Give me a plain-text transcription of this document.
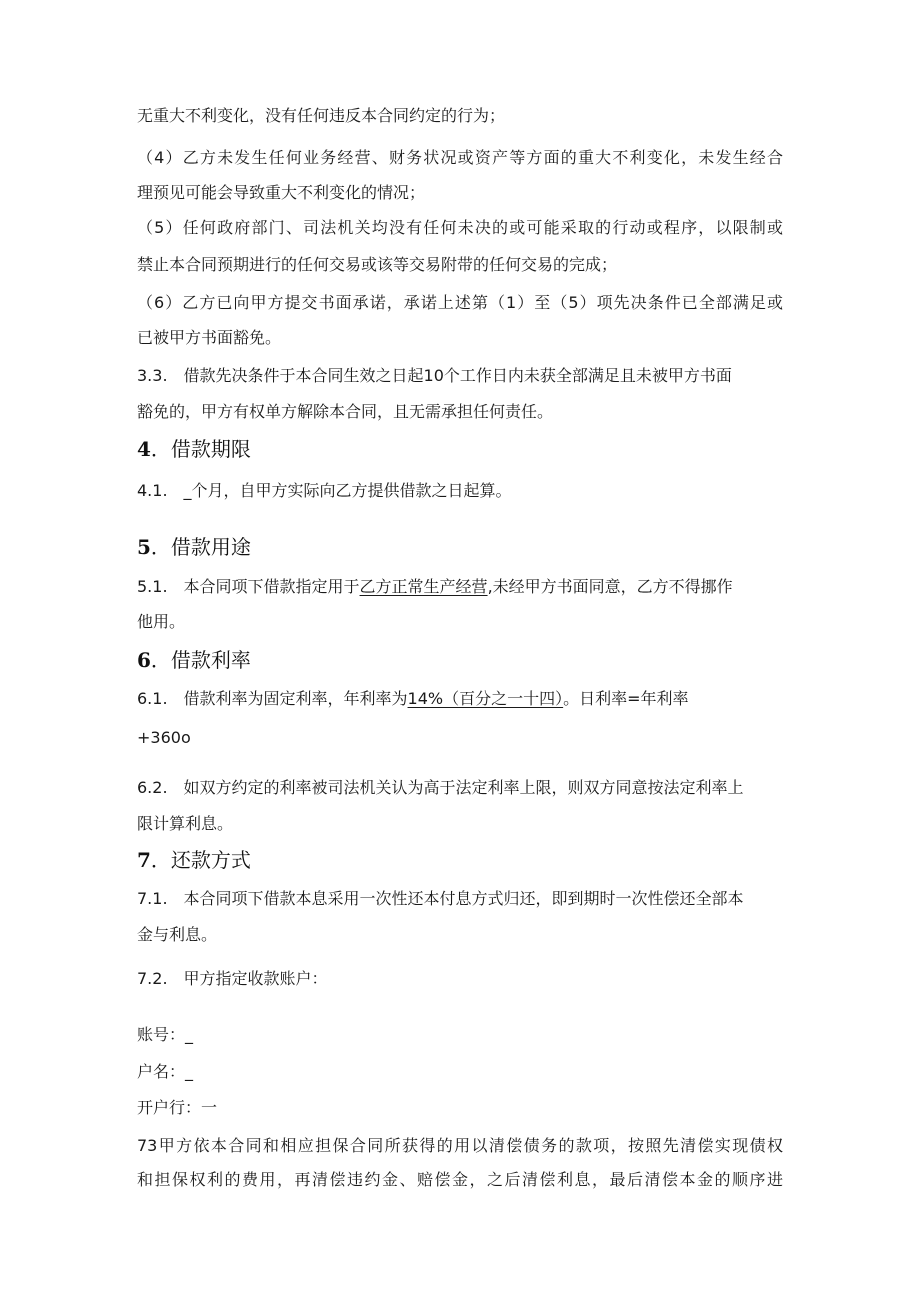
无重大不利变化，没有任何违反本合同约定的行为；
（4）乙方未发生任何业务经营、财务状况或资产等方面的重大不利变化，未发生经合
理预见可能会导致重大不利变化的情况；
（5）任何政府部门、司法机关均没有任何未决的或可能采取的行动或程序，以限制或
禁止本合同预期进行的任何交易或该等交易附带的任何交易的完成；
（6）乙方已向甲方提交书面承诺，承诺上述第（1）至（5）项先决条件已全部满足或
已被甲方书面豁免。
3.3. 借款先决条件于本合同生效之日起10个工作日内未获全部满足且未被甲方书面
豁免的，甲方有权单方解除本合同，且无需承担任何责任。
4．借款期限
4.1. _个月，自甲方实际向乙方提供借款之日起算。
5．借款用途
5.1. 本合同项下借款指定用于乙方正常生产经营,未经甲方书面同意，乙方不得挪作
他用。
6．借款利率
6.1. 借款利率为固定利率，年利率为14%（百分之一十四）。日利率=年利率
+360o
6.2. 如双方约定的利率被司法机关认为高于法定利率上限，则双方同意按法定利率上
限计算利息。
7．还款方式
7.1. 本合同项下借款本息采用一次性还本付息方式归还，即到期时一次性偿还全部本
金与利息。
7.2. 甲方指定收款账户：
账号：_
户名：_
开户行：一
73甲方依本合同和相应担保合同所获得的用以清偿债务的款项，按照先清偿实现债权
和担保权利的费用，再清偿违约金、赔偿金，之后清偿利息，最后清偿本金的顺序进
